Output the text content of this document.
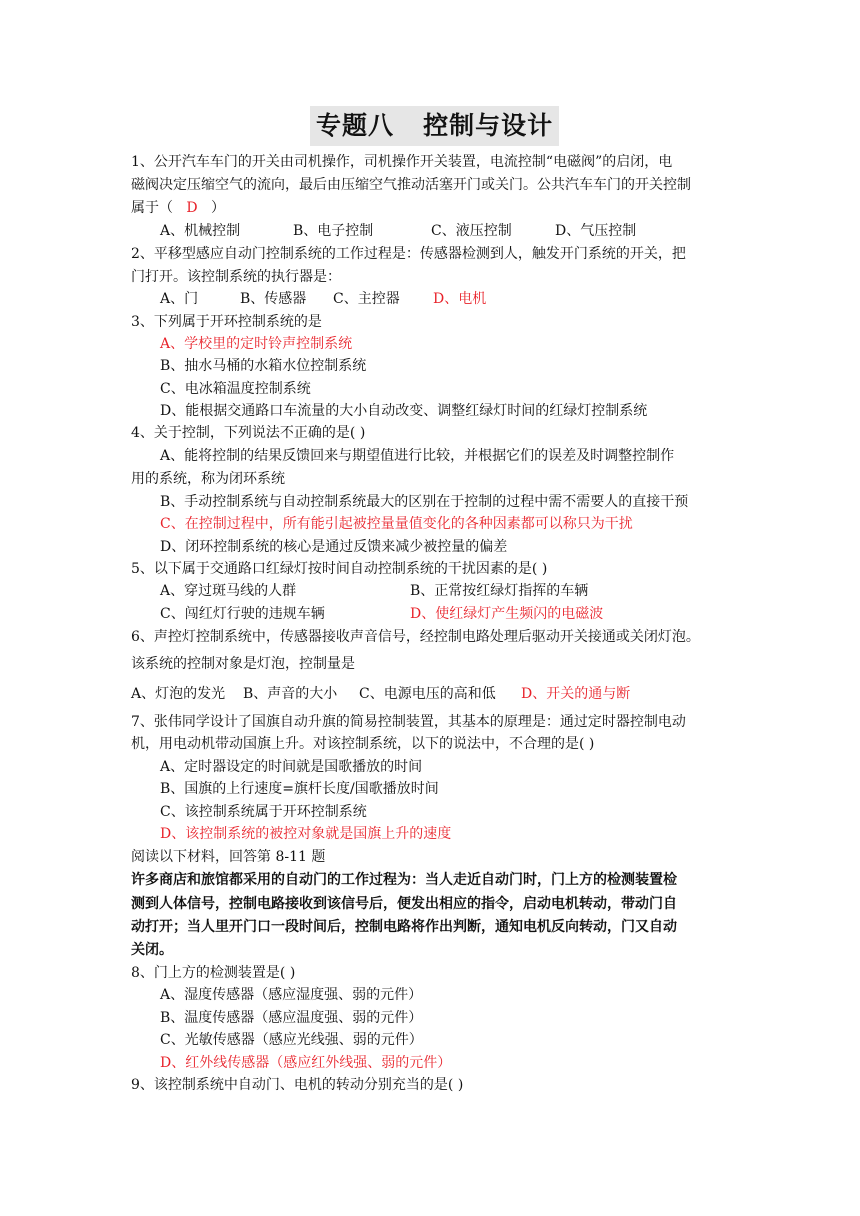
专题八   控制与设计
1、公开汽车车门的开关由司机操作，司机操作开关装置，电流控制“电磁阀”的启闭，电
磁阀决定压缩空气的流向，最后由压缩空气推动活塞开门或关门。公共汽车车门的开关控制
属于（ D ）
A、机械控制	B、电子控制	C、液压控制	D、气压控制
2、平移型感应自动门控制系统的工作过程是：传感器检测到人，触发开门系统的开关，把
门打开。该控制系统的执行器是：
A、门	B、传感器 C、主控器 D、电机
3、下列属于开环控制系统的是
A、学校里的定时铃声控制系统
B、抽水马桶的水箱水位控制系统
C、电冰箱温度控制系统
D、能根据交通路口车流量的大小自动改变、调整红绿灯时间的红绿灯控制系统
4、关于控制，下列说法不正确的是( )
A、能将控制的结果反馈回来与期望值进行比较，并根据它们的误差及时调整控制作
用的系统，称为闭环系统
B、手动控制系统与自动控制系统最大的区别在于控制的过程中需不需要人的直接干预
C、在控制过程中，所有能引起被控量量值变化的各种因素都可以称只为干扰
D、闭环控制系统的核心是通过反馈来减少被控量的偏差
5、以下属于交通路口红绿灯按时间自动控制系统的干扰因素的是( )
A、穿过斑马线的人群	B、正常按红绿灯指挥的车辆
C、闯红灯行驶的违规车辆	D、使红绿灯产生频闪的电磁波
6、声控灯控制系统中，传感器接收声音信号，经控制电路处理后驱动开关接通或关闭灯泡。
该系统的控制对象是灯泡，控制量是
A、灯泡的发光 B、声音的大小 C、电源电压的高和低 D、开关的通与断
7、张伟同学设计了国旗自动升旗的简易控制装置，其基本的原理是：通过定时器控制电动
机，用电动机带动国旗上升。对该控制系统，以下的说法中，不合理的是( )
A、定时器设定的时间就是国歌播放的时间
B、国旗的上行速度=旗杆长度/国歌播放时间
C、该控制系统属于开环控制系统
D、该控制系统的被控对象就是国旗上升的速度
阅读以下材料，回答第 8-11 题
许多商店和旅馆都采用的自动门的工作过程为：当人走近自动门时，门上方的检测装置检
测到人体信号，控制电路接收到该信号后，便发出相应的指令，启动电机转动，带动门自
动打开；当人里开门口一段时间后，控制电路将作出判断，通知电机反向转动，门又自动
关闭。
8、门上方的检测装置是( )
A、湿度传感器（感应湿度强、弱的元件）
B、温度传感器（感应温度强、弱的元件）
C、光敏传感器（感应光线强、弱的元件）
D、红外线传感器（感应红外线强、弱的元件）
9、该控制系统中自动门、电机的转动分别充当的是( )
